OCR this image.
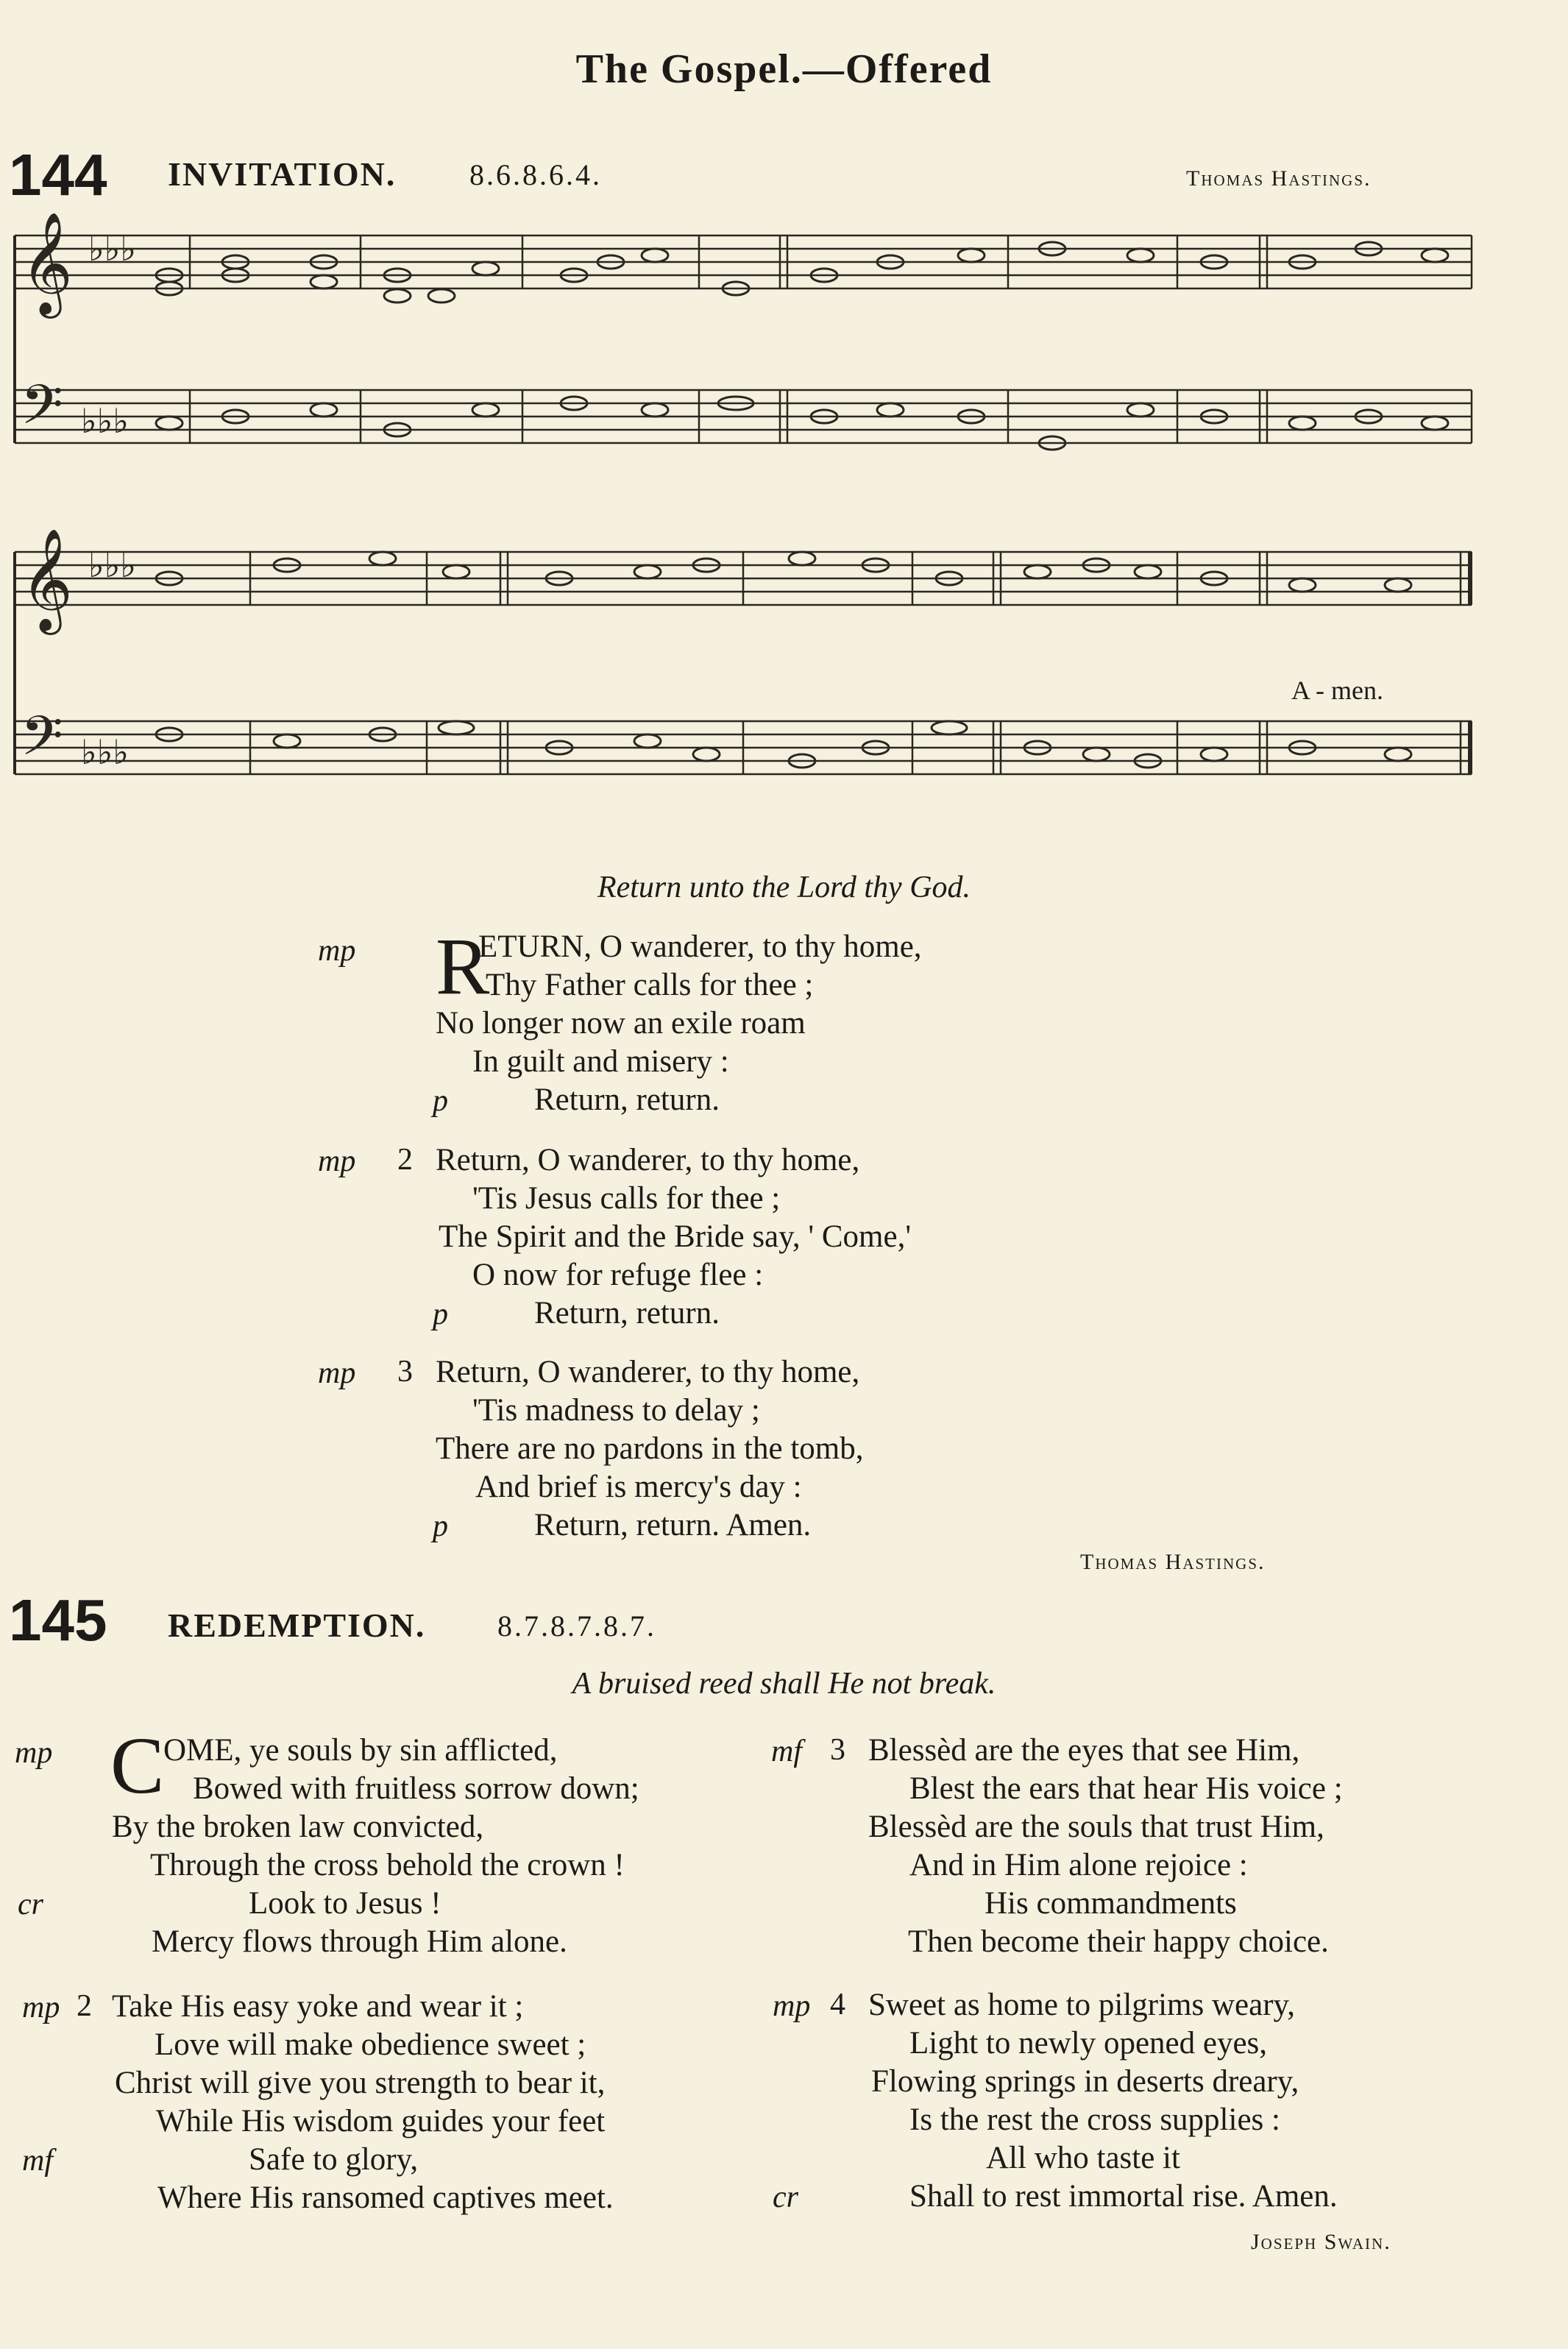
The Gospel.—Offered
144 INVITATION. 8.6.8.6.4.	Thomas Hastings.
𝄞
𝄞
𝄢
𝄢
♭♭♭
♭♭♭
♭♭♭
♭♭♭
A - men.
Return unto the Lord thy God.
mp R
ETURN, O wanderer, to thy home,
Thy Father calls for thee ;
No longer now an exile roam
In guilt and misery :
p	Return, return.
mp 2 Return, O wanderer, to thy home,
'Tis Jesus calls for thee ;
The Spirit and the Bride say, ' Come,'
O now for refuge flee :
p	Return, return.
mp 3 Return, O wanderer, to thy home,
'Tis madness to delay ;
There are no pardons in the tomb,
And brief is mercy's day :
p	Return, return. Amen.
Thomas Hastings.
145 REDEMPTION. 8.7.8.7.8.7.
A bruised reed shall He not break.
mp C
OME, ye souls by sin afflicted,
Bowed with fruitless sorrow down;
By the broken law convicted,
Through the cross behold the crown !
cr	Look to Jesus !
Mercy flows through Him alone.
mp 2 Take His easy yoke and wear it ;
Love will make obedience sweet ;
Christ will give you strength to bear it,
While His wisdom guides your feet
mf	Safe to glory,
Where His ransomed captives meet.
mf 3 Blessèd are the eyes that see Him,
Blest the ears that hear His voice ;
Blessèd are the souls that trust Him,
And in Him alone rejoice :
His commandments
Then become their happy choice.
mp 4 Sweet as home to pilgrims weary,
Light to newly opened eyes,
Flowing springs in deserts dreary,
Is the rest the cross supplies :
All who taste it
cr	Shall to rest immortal rise. Amen.
Joseph Swain.
